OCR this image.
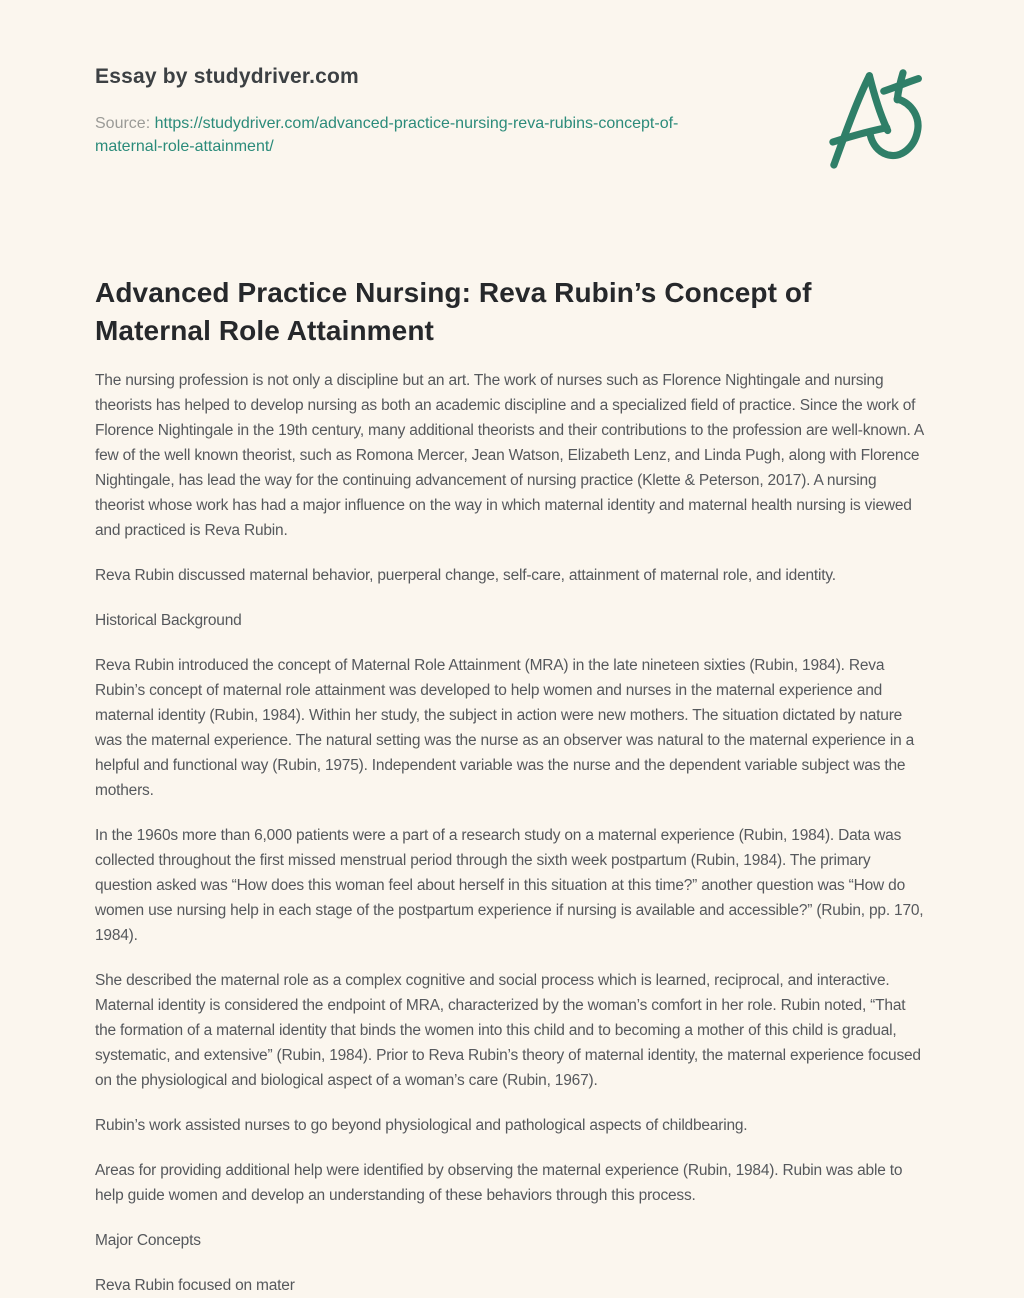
Essay by studydriver.com

Source: https://studydriver.com/advanced-practice-nursing-reva-rubins-concept-of-maternal-role-attainment/

Advanced Practice Nursing: Reva Rubin’s Concept of Maternal Role Attainment

The nursing profession is not only a discipline but an art. The work of nurses such as Florence Nightingale and nursing theorists has helped to develop nursing as both an academic discipline and a specialized field of practice. Since the work of Florence Nightingale in the 19th century, many additional theorists and their contributions to the profession are well-known. A few of the well known theorist, such as Romona Mercer, Jean Watson, Elizabeth Lenz, and Linda Pugh, along with Florence Nightingale, has lead the way for the continuing advancement of nursing practice (Klette & Peterson, 2017). A nursing theorist whose work has had a major influence on the way in which maternal identity and maternal health nursing is viewed and practiced is Reva Rubin.

Reva Rubin discussed maternal behavior, puerperal change, self-care, attainment of maternal role, and identity.

Historical Background

Reva Rubin introduced the concept of Maternal Role Attainment (MRA) in the late nineteen sixties (Rubin, 1984). Reva Rubin’s concept of maternal role attainment was developed to help women and nurses in the maternal experience and maternal identity (Rubin, 1984). Within her study, the subject in action were new mothers. The situation dictated by nature was the maternal experience. The natural setting was the nurse as an observer was natural to the maternal experience in a helpful and functional way (Rubin, 1975). Independent variable was the nurse and the dependent variable subject was the mothers.

In the 1960s more than 6,000 patients were a part of a research study on a maternal experience (Rubin, 1984). Data was collected throughout the first missed menstrual period through the sixth week postpartum (Rubin, 1984). The primary question asked was “How does this woman feel about herself in this situation at this time?” another question was “How do women use nursing help in each stage of the postpartum experience if nursing is available and accessible?” (Rubin, pp. 170, 1984).

She described the maternal role as a complex cognitive and social process which is learned, reciprocal, and interactive. Maternal identity is considered the endpoint of MRA, characterized by the woman’s comfort in her role. Rubin noted, “That the formation of a maternal identity that binds the women into this child and to becoming a mother of this child is gradual, systematic, and extensive” (Rubin, 1984). Prior to Reva Rubin’s theory of maternal identity, the maternal experience focused on the physiological and biological aspect of a woman’s care (Rubin, 1967).

Rubin’s work assisted nurses to go beyond physiological and pathological aspects of childbearing.

Areas for providing additional help were identified by observing the maternal experience (Rubin, 1984). Rubin was able to help guide women and develop an understanding of these behaviors through this process.

Major Concepts

Reva Rubin focused on mater
